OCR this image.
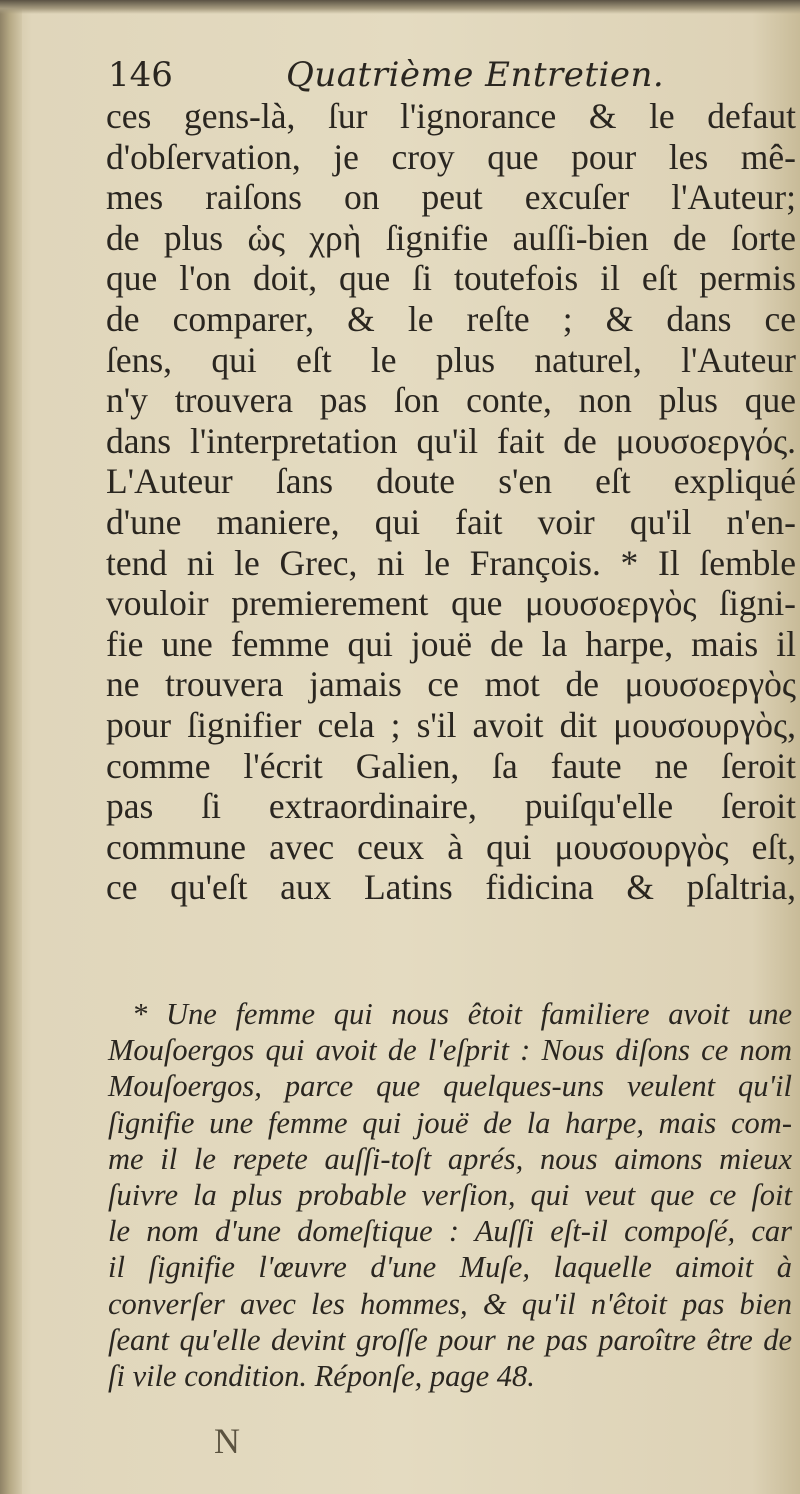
146	Quatrième Entretien.
ces gens-là, ſur l'ignorance & le defaut
d'obſervation, je croy que pour les mê-
mes raiſons on peut excuſer l'Auteur;
de plus ὡς χρὴ ſignifie auſſi-bien de ſorte
que l'on doit, que ſi toutefois il eſt permis
de comparer, & le reſte ; & dans ce
ſens, qui eſt le plus naturel, l'Auteur
n'y trouvera pas ſon conte, non plus que
dans l'interpretation qu'il fait de μουσοεργός.
L'Auteur ſans doute s'en eſt expliqué
d'une maniere, qui fait voir qu'il n'en-
tend ni le Grec, ni le François. * Il ſemble
vouloir premierement que μουσοεργὸς ſigni-
fie une femme qui jouë de la harpe, mais il
ne trouvera jamais ce mot de μουσοεργὸς
pour ſignifier cela ; s'il avoit dit μουσουργὸς,
comme l'écrit Galien, ſa faute ne ſeroit
pas ſi extraordinaire, puiſqu'elle ſeroit
commune avec ceux à qui μουσουργὸς eſt,
ce qu'eſt aux Latins fidicina & pſaltria,
* Une femme qui nous êtoit familiere avoit une
Mouſoergos qui avoit de l'eſprit : Nous diſons ce nom
Mouſoergos, parce que quelques-uns veulent qu'il
ſignifie une femme qui jouë de la harpe, mais com-
me il le repete auſſi-toſt aprés, nous aimons mieux
ſuivre la plus probable verſion, qui veut que ce ſoit
le nom d'une domeſtique : Auſſi eſt-il compoſé, car
il ſignifie l'œuvre d'une Muſe, laquelle aimoit à
converſer avec les hommes, & qu'il n'êtoit pas bien
ſeant qu'elle devint groſſe pour ne pas paroître être de
ſi vile condition. Réponſe, page 48.
N
